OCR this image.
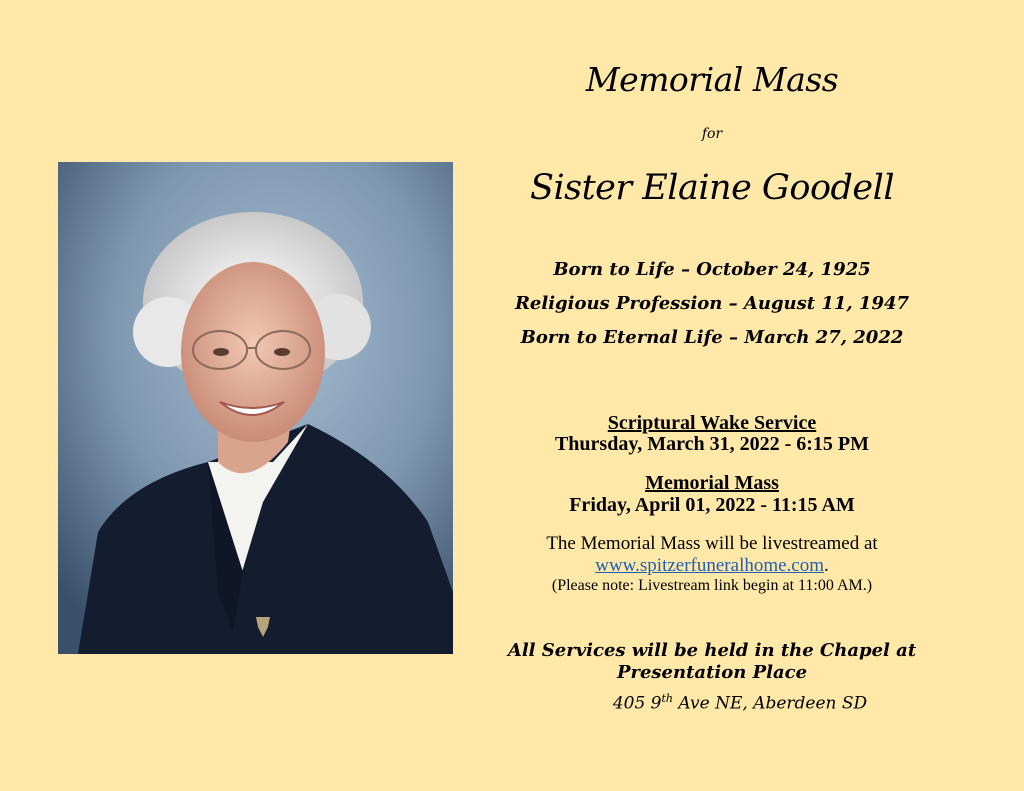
Memorial Mass
for
Sister Elaine Goodell
Born to Life – October 24, 1925
Religious Profession – August 11, 1947
Born to Eternal Life – March 27, 2022
Scriptural Wake Service
Thursday, March 31, 2022 - 6:15 PM
Memorial Mass
Friday, April 01, 2022 - 11:15 AM
The Memorial Mass will be livestreamed at
www.spitzerfuneralhome.com.
(Please note: Livestream link begin at 11:00 AM.)
All Services will be held in the Chapel at
Presentation Place
405 9th Ave NE, Aberdeen SD
